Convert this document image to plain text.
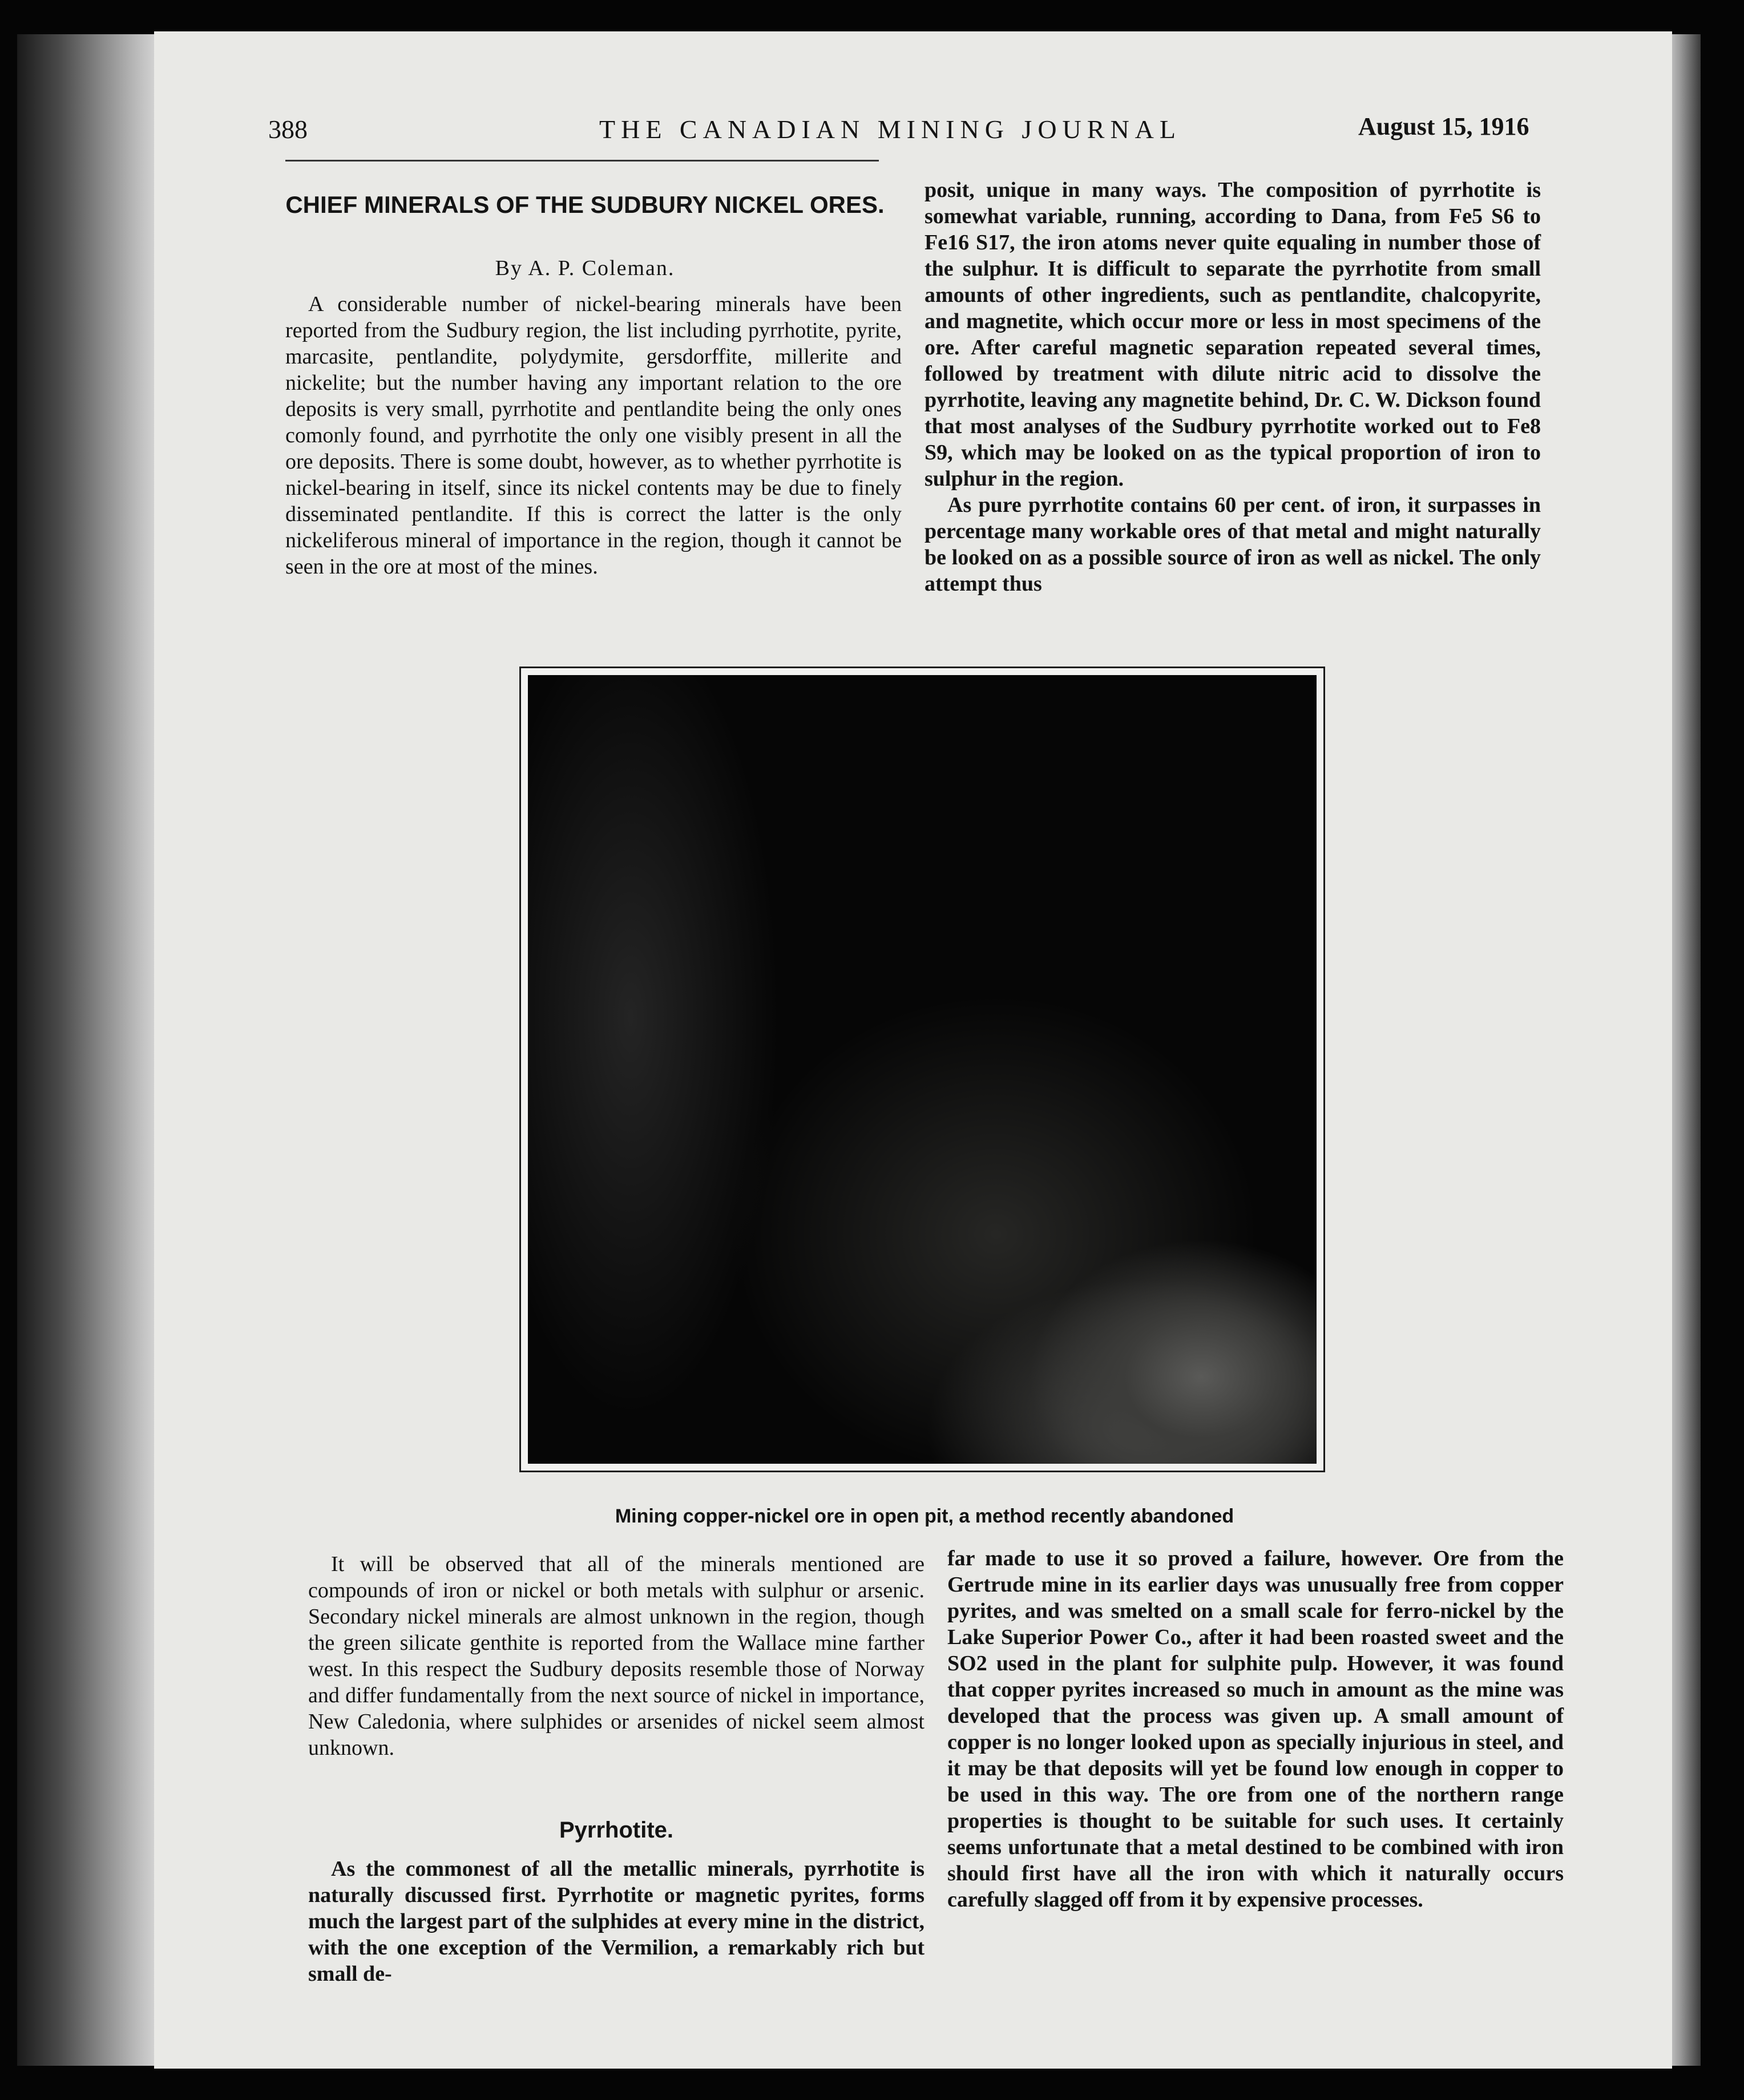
388	THE CANADIAN MINING JOURNAL	August 15, 1916
CHIEF MINERALS OF THE SUDBURY NICKEL ORES.
By A. P. Coleman.

A considerable number of nickel-bearing minerals have been reported from the Sudbury region, the list including pyrrhotite, pyrite, marcasite, pentlandite, polydymite, gersdorffite, millerite and nickelite; but the number having any important relation to the ore deposits is very small, pyrrhotite and pentlandite being the only ones comonly found, and pyrrhotite the only one visibly present in all the ore deposits. There is some doubt, however, as to whether pyrrhotite is nickel-bearing in itself, since its nickel contents may be due to finely disseminated pentlandite. If this is correct the latter is the only nickeliferous mineral of importance in the region, though it cannot be seen in the ore at most of the mines.

posit, unique in many ways. The composition of pyrrhotite is somewhat variable, running, according to Dana, from Fe5 S6 to Fe16 S17, the iron atoms never quite equaling in number those of the sulphur. It is difficult to separate the pyrrhotite from small amounts of other ingredients, such as pentlandite, chalcopyrite, and magnetite, which occur more or less in most specimens of the ore. After careful magnetic separation repeated several times, followed by treatment with dilute nitric acid to dissolve the pyrrhotite, leaving any magnetite behind, Dr. C. W. Dickson found that most analyses of the Sudbury pyrrhotite worked out to Fe8 S9, which may be looked on as the typical proportion of iron to sulphur in the region.

As pure pyrrhotite contains 60 per cent. of iron, it surpasses in percentage many workable ores of that metal and might naturally be looked on as a possible source of iron as well as nickel. The only attempt thus

Mining copper-nickel ore in open pit, a method recently abandoned

It will be observed that all of the minerals mentioned are compounds of iron or nickel or both metals with sulphur or arsenic. Secondary nickel minerals are almost unknown in the region, though the green silicate genthite is reported from the Wallace mine farther west. In this respect the Sudbury deposits resemble those of Norway and differ fundamentally from the next source of nickel in importance, New Caledonia, where sulphides or arsenides of nickel seem almost unknown.

Pyrrhotite.

As the commonest of all the metallic minerals, pyrrhotite is naturally discussed first. Pyrrhotite or magnetic pyrites, forms much the largest part of the sulphides at every mine in the district, with the one exception of the Vermilion, a remarkably rich but small de-

far made to use it so proved a failure, however. Ore from the Gertrude mine in its earlier days was unusually free from copper pyrites, and was smelted on a small scale for ferro-nickel by the Lake Superior Power Co., after it had been roasted sweet and the SO2 used in the plant for sulphite pulp. However, it was found that copper pyrites increased so much in amount as the mine was developed that the process was given up. A small amount of copper is no longer looked upon as specially injurious in steel, and it may be that deposits will yet be found low enough in copper to be used in this way. The ore from one of the northern range properties is thought to be suitable for such uses. It certainly seems unfortunate that a metal destined to be combined with iron should first have all the iron with which it naturally occurs carefully slagged off from it by expensive processes.
